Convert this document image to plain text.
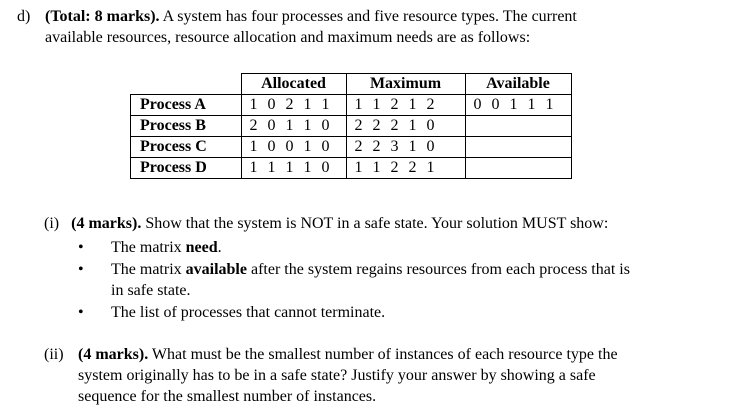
d) (Total: 8 marks). A system has four processes and five resource types. The current
available resources, resource allocation and maximum needs are as follows:
	Allocated	Maximum	Available
Process A	1 0 2 1 1	1 1 2 1 2	0 0 1 1 1
Process B	2 0 1 1 0	2 2 2 1 0	
Process C	1 0 0 1 0	2 2 3 1 0	
Process D	1 1 1 1 0	1 1 2 2 1	
(i) (4 marks). Show that the system is NOT in a safe state. Your solution MUST show:
• The matrix need.
• The matrix available after the system regains resources from each process that is
in safe state.
• The list of processes that cannot terminate.
(ii) (4 marks). What must be the smallest number of instances of each resource type the
system originally has to be in a safe state? Justify your answer by showing a safe
sequence for the smallest number of instances.
